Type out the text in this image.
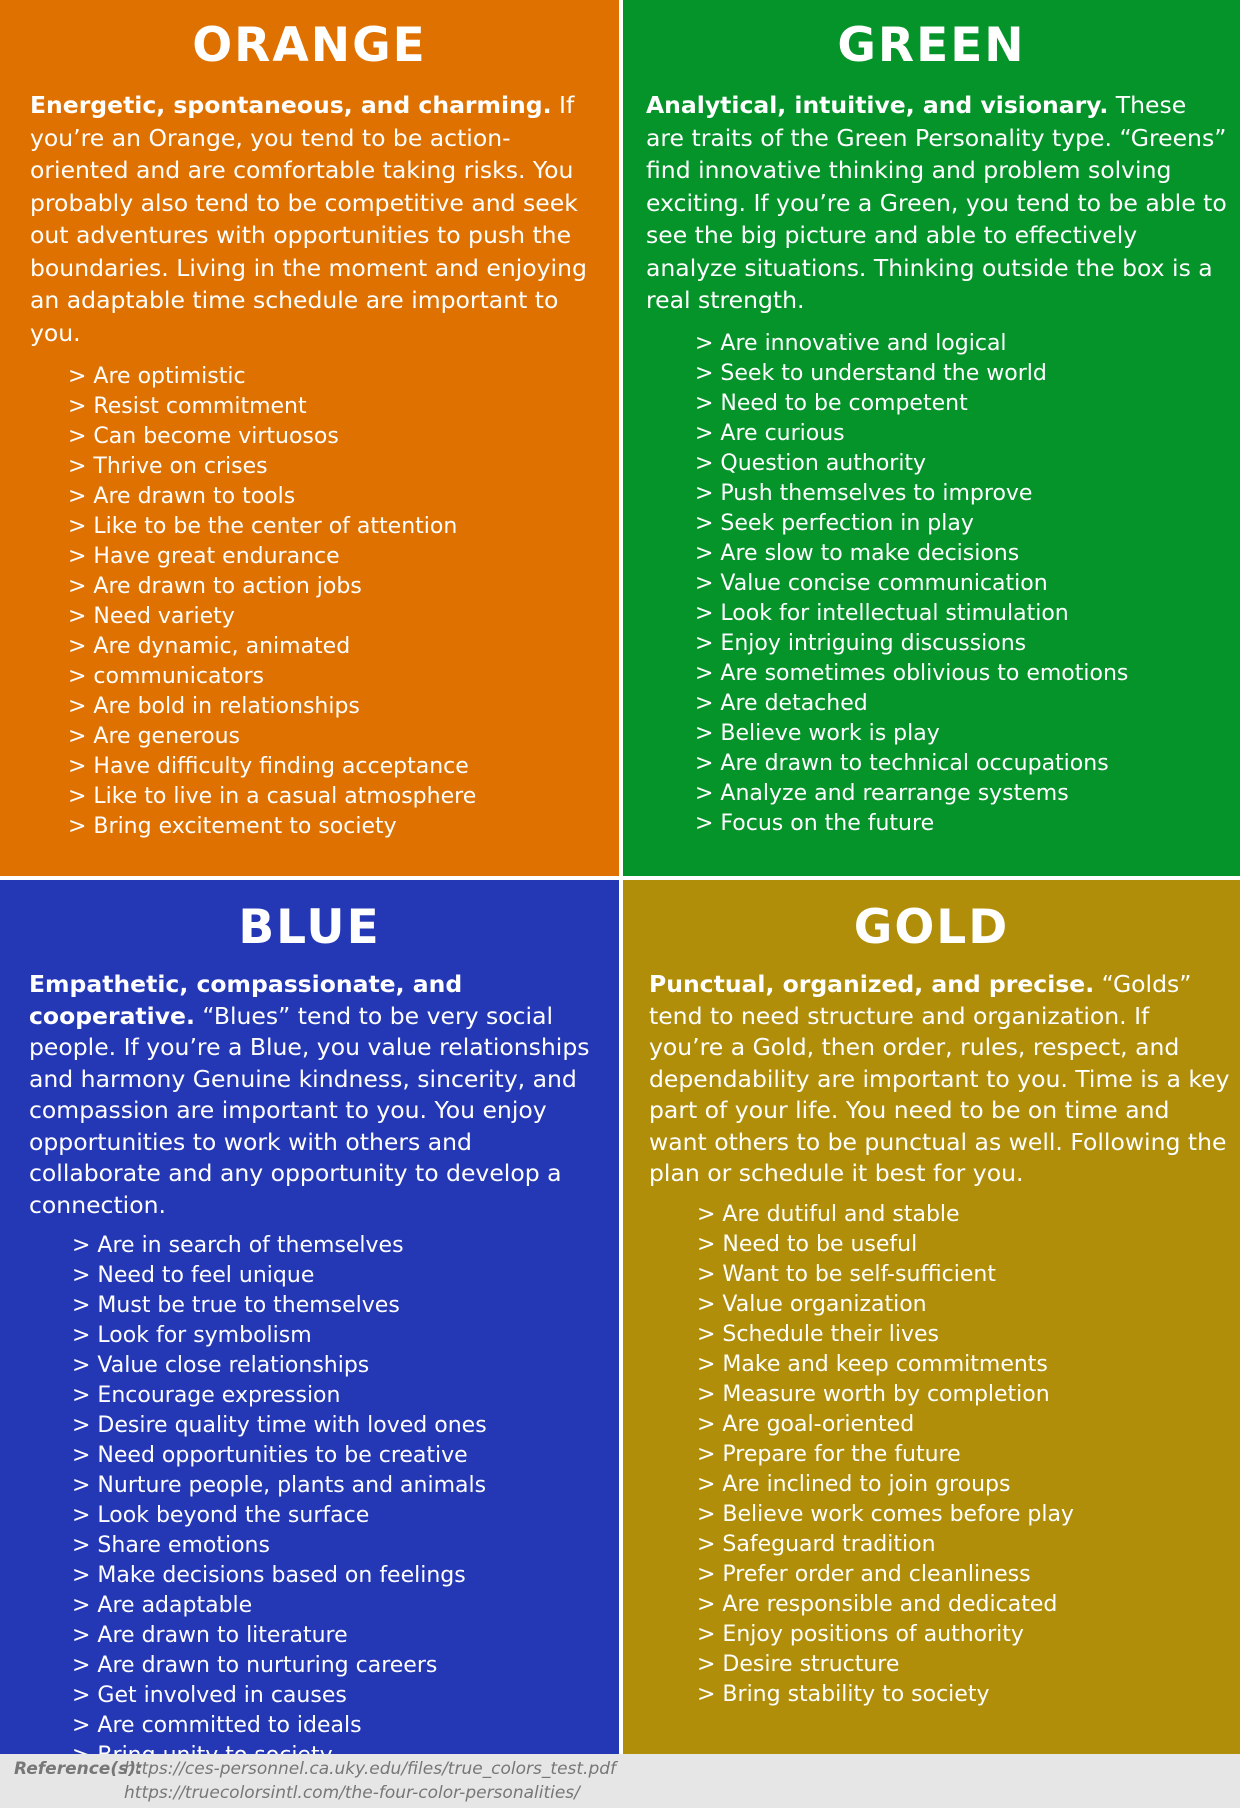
ORANGE

Energetic, spontaneous, and charming. If you’re an Orange, you tend to be action-oriented and are comfortable taking risks. You probably also tend to be competitive and seek out adventures with opportunities to push the boundaries. Living in the moment and enjoying an adaptable time schedule are important to you.

> Are optimistic
> Resist commitment
> Can become virtuosos
> Thrive on crises
> Are drawn to tools
> Like to be the center of attention
> Have great endurance
> Are drawn to action jobs
> Need variety
> Are dynamic, animated
> communicators
> Are bold in relationships
> Are generous
> Have difficulty finding acceptance
> Like to live in a casual atmosphere
> Bring excitement to society
GREEN

Analytical, intuitive, and visionary. These are traits of the Green Personality type. “Greens” find innovative thinking and problem solving exciting. If you’re a Green, you tend to be able to see the big picture and able to effectively analyze situations. Thinking outside the box is a real strength.

> Are innovative and logical
> Seek to understand the world
> Need to be competent
> Are curious
> Question authority
> Push themselves to improve
> Seek perfection in play
> Are slow to make decisions
> Value concise communication
> Look for intellectual stimulation
> Enjoy intriguing discussions
> Are sometimes oblivious to emotions
> Are detached
> Believe work is play
> Are drawn to technical occupations
> Analyze and rearrange systems
> Focus on the future
BLUE

Empathetic, compassionate, and cooperative. “Blues” tend to be very social people. If you’re a Blue, you value relationships and harmony Genuine kindness, sincerity, and compassion are important to you. You enjoy opportunities to work with others and collaborate and any opportunity to develop a connection.

> Are in search of themselves
> Need to feel unique
> Must be true to themselves
> Look for symbolism
> Value close relationships
> Encourage expression
> Desire quality time with loved ones
> Need opportunities to be creative
> Nurture people, plants and animals
> Look beyond the surface
> Share emotions
> Make decisions based on feelings
> Are adaptable
> Are drawn to literature
> Are drawn to nurturing careers
> Get involved in causes
> Are committed to ideals
GOLD

Punctual, organized, and precise. “Golds” tend to need structure and organization. If you’re a Gold, then order, rules, respect, and dependability are important to you. Time is a key part of your life. You need to be on time and want others to be punctual as well. Following the plan or schedule it best for you.

> Are dutiful and stable
> Need to be useful
> Want to be self-sufficient
> Value organization
> Schedule their lives
> Make and keep commitments
> Measure worth by completion
> Are goal-oriented
> Prepare for the future
> Are inclined to join groups
> Believe work comes before play
> Safeguard tradition
> Prefer order and cleanliness
> Are responsible and dedicated
> Enjoy positions of authority
> Desire structure
> Bring stability to society
Reference(s):https://ces-personnel.ca.uky.edu/files/true_colors_test.pdf
https://truecolorsintl.com/the-four-color-personalities/
